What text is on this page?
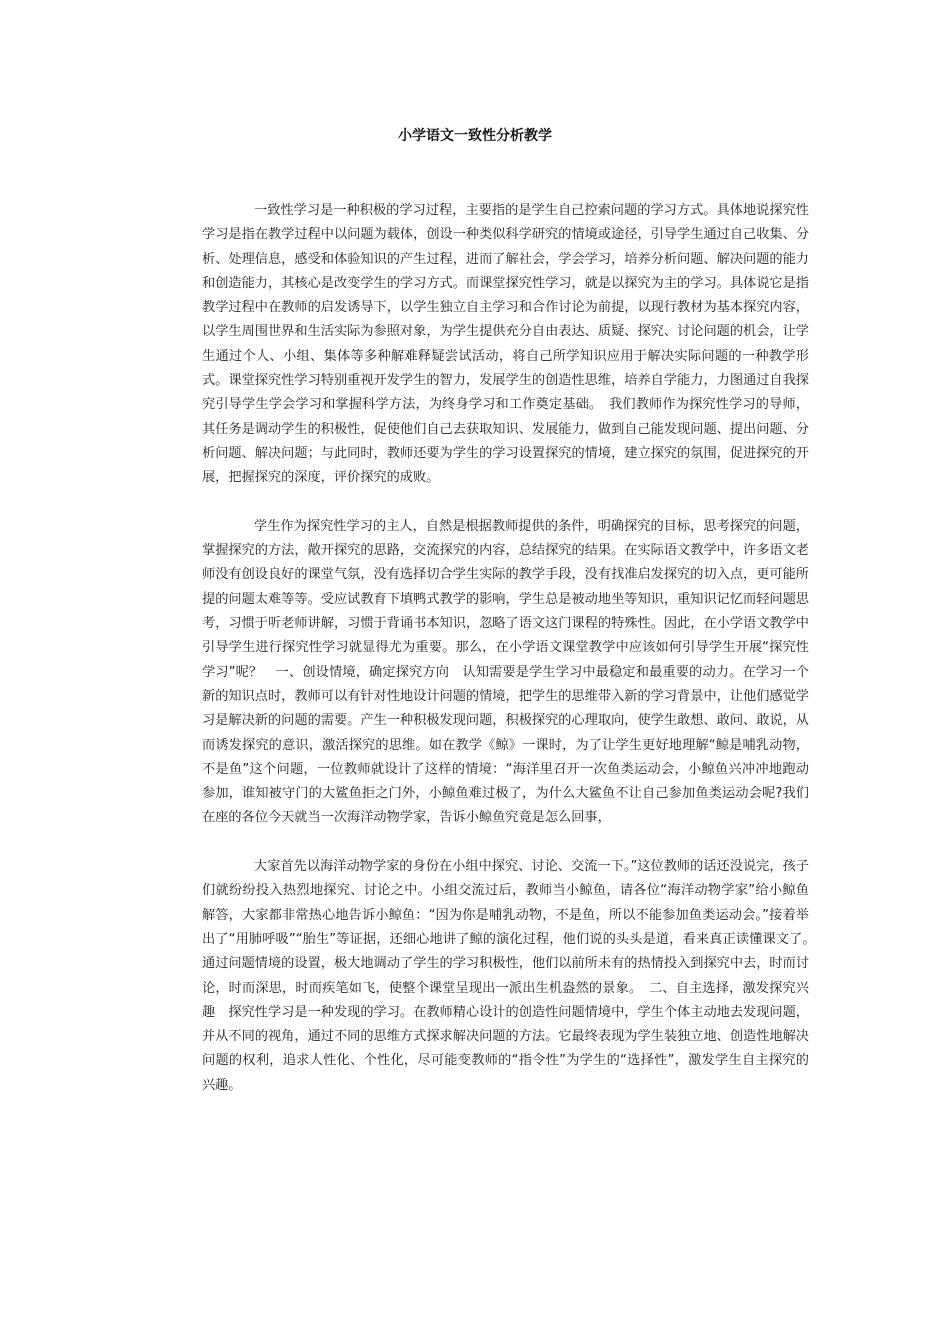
小学语文一致性分析教学

一致性学习是一种积极的学习过程，主要指的是学生自己控索问题的学习方式。具体地说探究性学习是指在教学过程中以问题为载体，创设一种类似科学研究的情境或途径，引导学生通过自己收集、分析、处理信息，感受和体验知识的产生过程，进而了解社会，学会学习，培养分析问题、解决问题的能力和创造能力，其核心是改变学生的学习方式。而课堂探究性学习，就是以探究为主的学习。具体说它是指教学过程中在教师的启发诱导下，以学生独立自主学习和合作讨论为前提，以现行教材为基本探究内容，以学生周围世界和生活实际为参照对象，为学生提供充分自由表达、质疑、探究、讨论问题的机会，让学生通过个人、小组、集体等多种解难释疑尝试活动，将自己所学知识应用于解决实际问题的一种教学形式。课堂探究性学习特别重视开发学生的智力，发展学生的创造性思维，培养自学能力，力图通过自我探究引导学生学会学习和掌握科学方法，为终身学习和工作奠定基础。　我们教师作为探究性学习的导师，其任务是调动学生的积极性，促使他们自己去获取知识、发展能力，做到自己能发现问题、提出问题、分析问题、解决问题；与此同时，教师还要为学生的学习设置探究的情境，建立探究的氛围，促进探究的开展，把握探究的深度，评价探究的成败。

学生作为探究性学习的主人，自然是根据教师提供的条件，明确探究的目标，思考探究的问题，掌握探究的方法，敞开探究的思路，交流探究的内容，总结探究的结果。在实际语文教学中，许多语文老师没有创设良好的课堂气氛，没有选择切合学生实际的教学手段，没有找准启发探究的切入点，更可能所提的问题太难等等。受应试教育下填鸭式教学的影响，学生总是被动地坐等知识，重知识记忆而轻问题思考，习惯于听老师讲解，习惯于背诵书本知识，忽略了语文这门课程的特殊性。因此，在小学语文教学中引导学生进行探究性学习就显得尤为重要。那么，在小学语文课堂教学中应该如何引导学生开展“探究性学习”呢？　一、创设情境，确定探究方向　认知需要是学生学习中最稳定和最重要的动力。在学习一个新的知识点时，教师可以有针对性地设计问题的情境，把学生的思维带入新的学习背景中，让他们感觉学习是解决新的问题的需要。产生一种积极发现问题，积极探究的心理取向，使学生敢想、敢问、敢说，从而诱发探究的意识，激活探究的思维。如在教学《鲸》一课时，为了让学生更好地理解“鲸是哺乳动物，不是鱼”这个问题，一位教师就设计了这样的情境：“海洋里召开一次鱼类运动会，小鲸鱼兴冲冲地跑动参加，谁知被守门的大鲨鱼拒之门外，小鲸鱼难过极了，为什么大鲨鱼不让自己参加鱼类运动会呢?我们在座的各位今天就当一次海洋动物学家，告诉小鲸鱼究竟是怎么回事，

大家首先以海洋动物学家的身份在小组中探究、讨论、交流一下。”这位教师的话还没说完，孩子们就纷纷投入热烈地探究、讨论之中。小组交流过后，教师当小鲸鱼，请各位“海洋动物学家”给小鲸鱼解答，大家都非常热心地告诉小鲸鱼：“因为你是哺乳动物，不是鱼，所以不能参加鱼类运动会。”接着举出了“用肺呼吸”“胎生”等证据，还细心地讲了鲸的演化过程，他们说的头头是道，看来真正读懂课文了。　通过问题情境的设置，极大地调动了学生的学习积极性，他们以前所未有的热情投入到探究中去，时而讨论，时而深思，时而疾笔如飞，使整个课堂呈现出一派出生机盎然的景象。　二、自主选择，激发探究兴趣　探究性学习是一种发现的学习。在教师精心设计的创造性问题情境中，学生个体主动地去发现问题，并从不同的视角，通过不同的思维方式探求解决问题的方法。它最终表现为学生装独立地、创造性地解决问题的权利，追求人性化、个性化，尽可能变教师的“指令性”为学生的“选择性”，激发学生自主探究的兴趣。
